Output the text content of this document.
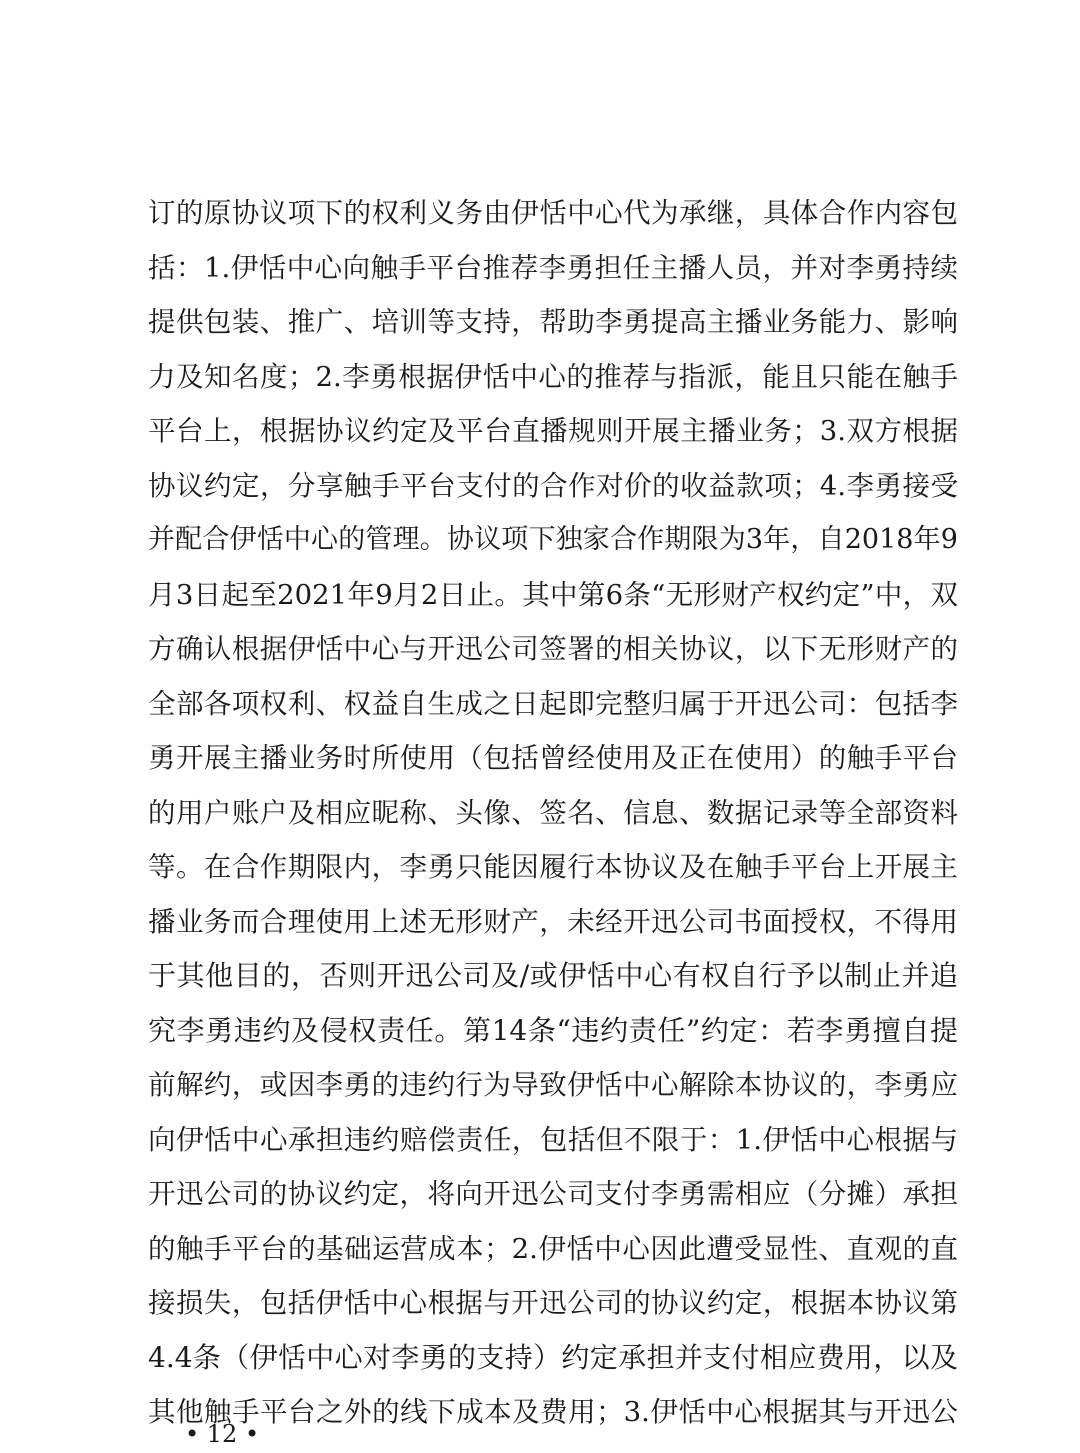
订的原协议项下的权利义务由伊恬中心代为承继，具体合作内容包
括：1.伊恬中心向触手平台推荐李勇担任主播人员，并对李勇持续
提供包装、推广、培训等支持，帮助李勇提高主播业务能力、影响
力及知名度；2.李勇根据伊恬中心的推荐与指派，能且只能在触手
平台上，根据协议约定及平台直播规则开展主播业务；3.双方根据
协议约定，分享触手平台支付的合作对价的收益款项；4.李勇接受
并配合伊恬中心的管理。协议项下独家合作期限为3年，自2018年9
月3日起至2021年9月2日止。其中第6条“无形财产权约定”中，双
方确认根据伊恬中心与开迅公司签署的相关协议，以下无形财产的
全部各项权利、权益自生成之日起即完整归属于开迅公司：包括李
勇开展主播业务时所使用（包括曾经使用及正在使用）的触手平台
的用户账户及相应昵称、头像、签名、信息、数据记录等全部资料
等。在合作期限内，李勇只能因履行本协议及在触手平台上开展主
播业务而合理使用上述无形财产，未经开迅公司书面授权，不得用
于其他目的，否则开迅公司及/或伊恬中心有权自行予以制止并追
究李勇违约及侵权责任。第14条“违约责任”约定：若李勇擅自提
前解约，或因李勇的违约行为导致伊恬中心解除本协议的，李勇应
向伊恬中心承担违约赔偿责任，包括但不限于：1.伊恬中心根据与
开迅公司的协议约定，将向开迅公司支付李勇需相应（分摊）承担
的触手平台的基础运营成本；2.伊恬中心因此遭受显性、直观的直
接损失，包括伊恬中心根据与开迅公司的协议约定，根据本协议第
4.4条（伊恬中心对李勇的支持）约定承担并支付相应费用，以及
其他触手平台之外的线下成本及费用；3.伊恬中心根据其与开迅公
• 12 •
